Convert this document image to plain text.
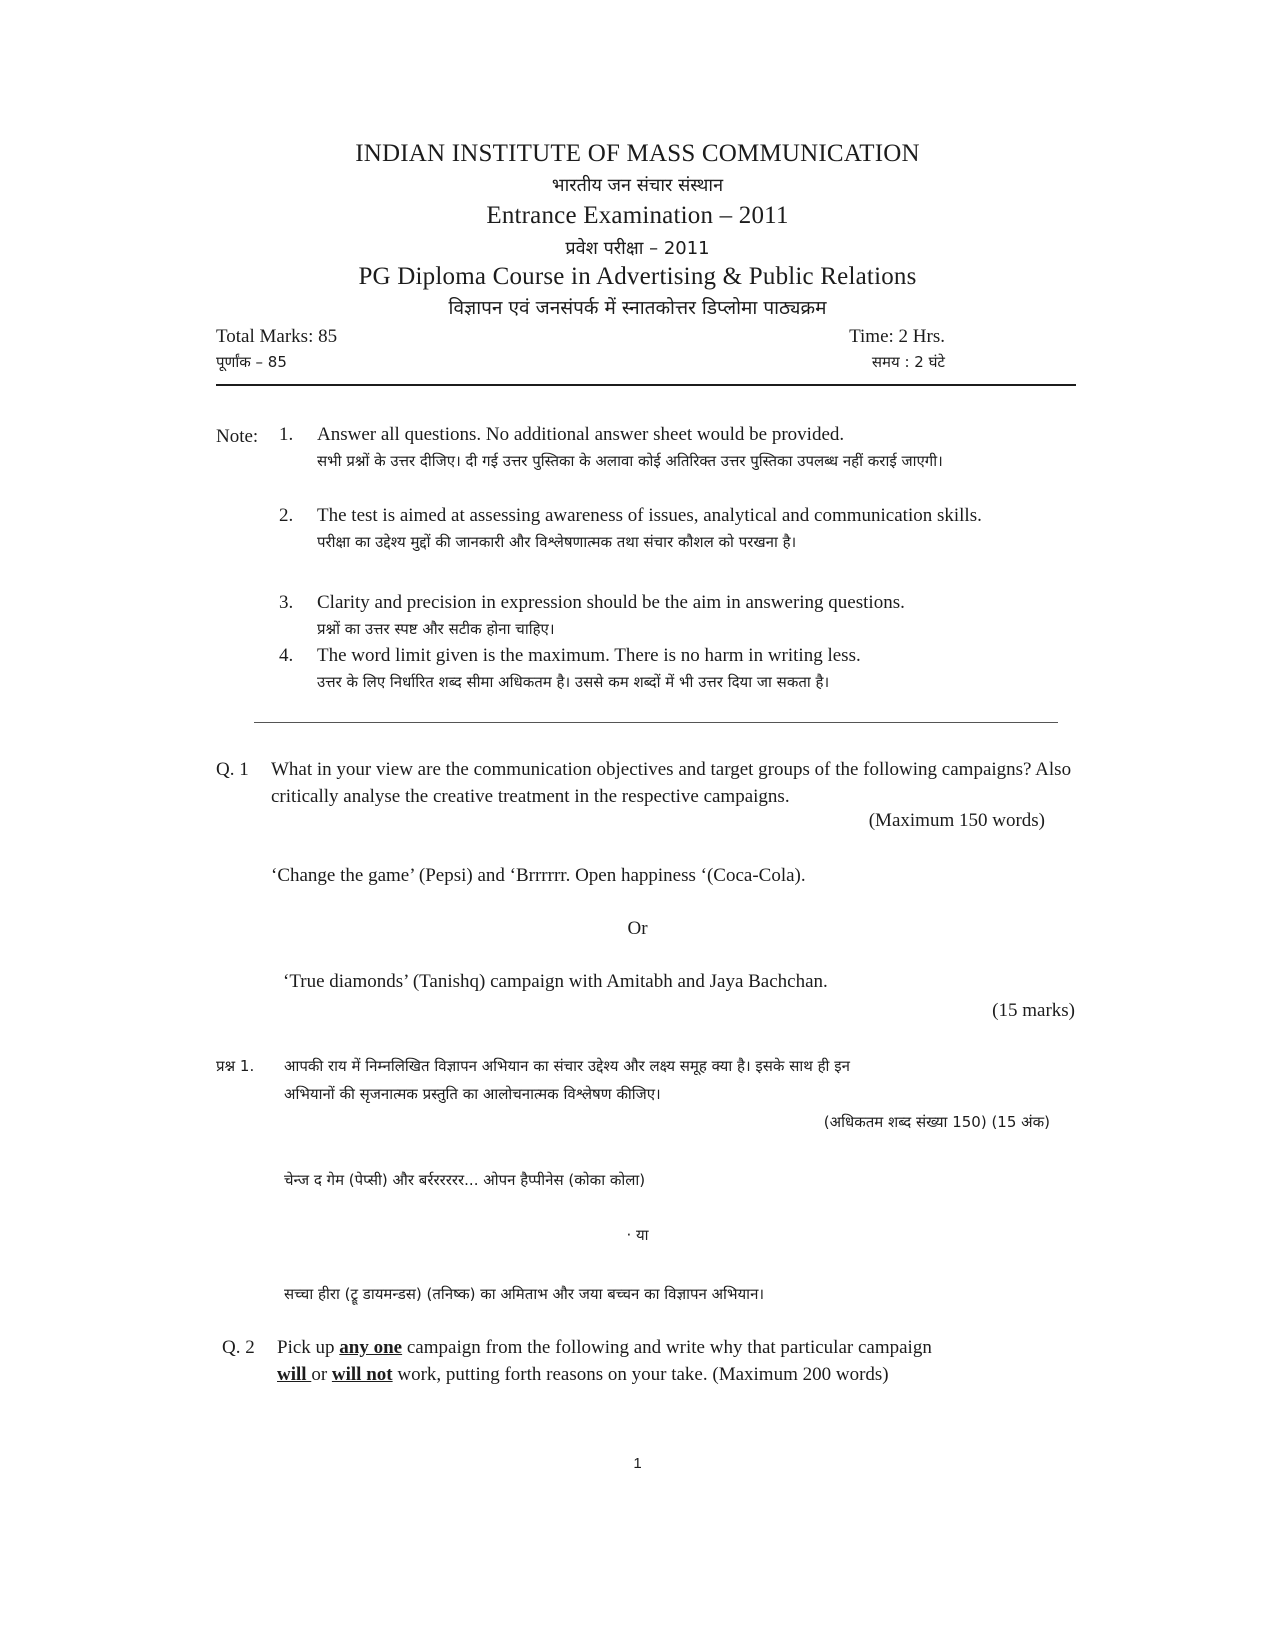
INDIAN INSTITUTE OF MASS COMMUNICATION

भारतीय जन संचार संस्थान

Entrance Examination – 2011

प्रवेश परीक्षा – 2011

PG Diploma Course in Advertising & Public Relations

विज्ञापन एवं जनसंपर्क में स्नातकोत्तर डिप्लोमा पाठ्यक्रम

Total Marks: 85

पूर्णांक – 85

Time: 2 Hrs.

समय : 2 घंटे

Note: 1.	Answer all questions. No additional answer sheet would be provided.
सभी प्रश्नों के उत्तर दीजिए। दी गई उत्तर पुस्तिका के अलावा कोई अतिरिक्त उत्तर पुस्तिका उपलब्ध नहीं कराई जाएगी।
2.	The test is aimed at assessing awareness of issues, analytical and communication skills.
परीक्षा का उद्देश्य मुद्दों की जानकारी और विश्लेषणात्मक तथा संचार कौशल को परखना है।
3.	Clarity and precision in expression should be the aim in answering questions.
प्रश्नों का उत्तर स्पष्ट और सटीक होना चाहिए।
4.	The word limit given is the maximum. There is no harm in writing less.
उत्तर के लिए निर्धारित शब्द सीमा अधिकतम है। उससे कम शब्दों में भी उत्तर दिया जा सकता है।
Q. 1 What in your view are the communication objectives and target groups of the following campaigns? Also critically analyse the creative treatment in the respective campaigns.
(Maximum 150 words)

‘Change the game’ (Pepsi) and ‘Brrrrrr. Open happiness ‘(Coca-Cola).

Or

‘True diamonds’ (Tanishq) campaign with Amitabh and Jaya Bachchan.

(15 marks)

प्रश्न 1. आपकी राय में निम्नलिखित विज्ञापन अभियान का संचार उद्देश्य और लक्ष्य समूह क्या है। इसके साथ ही इन

अभियानों की सृजनात्मक प्रस्तुति का आलोचनात्मक विश्लेषण कीजिए।

(अधिकतम शब्द संख्या 150) (15 अंक)

चेन्ज द गेम (पेप्सी) और बर्रररररर... ओपन हैप्पीनेस (कोका कोला)

· या

सच्चा हीरा (ट्रू डायमन्डस) (तनिष्क) का अमिताभ और जया बच्चन का विज्ञापन अभियान।

Q. 2 Pick up any one campaign from the following and write why that particular campaign
will or will not work, putting forth reasons on your take. (Maximum 200 words)
1
